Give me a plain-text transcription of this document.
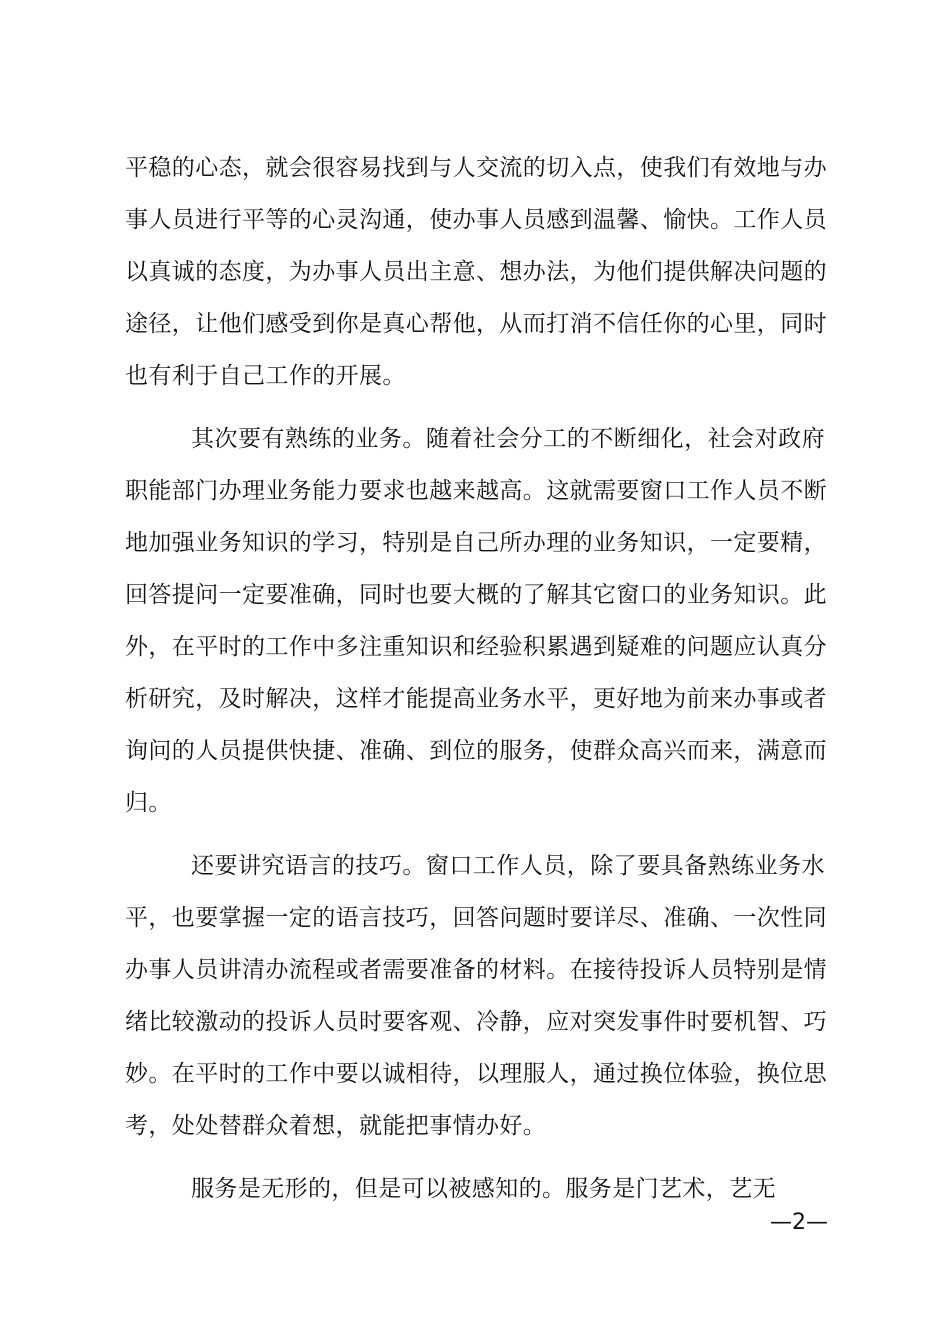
平稳的心态，就会很容易找到与人交流的切入点，使我们有效地与办
事人员进行平等的心灵沟通，使办事人员感到温馨、愉快。工作人员
以真诚的态度，为办事人员出主意、想办法，为他们提供解决问题的
途径，让他们感受到你是真心帮他，从而打消不信任你的心里，同时
也有利于自己工作的开展。
其次要有熟练的业务。随着社会分工的不断细化，社会对政府
职能部门办理业务能力要求也越来越高。这就需要窗口工作人员不断
地加强业务知识的学习，特别是自己所办理的业务知识，一定要精，
回答提问一定要准确，同时也要大概的了解其它窗口的业务知识。此
外，在平时的工作中多注重知识和经验积累遇到疑难的问题应认真分
析研究，及时解决，这样才能提高业务水平，更好地为前来办事或者
询问的人员提供快捷、准确、到位的服务，使群众高兴而来，满意而
归。
还要讲究语言的技巧。窗口工作人员，除了要具备熟练业务水
平，也要掌握一定的语言技巧，回答问题时要详尽、准确、一次性同
办事人员讲清办流程或者需要准备的材料。在接待投诉人员特别是情
绪比较激动的投诉人员时要客观、冷静，应对突发事件时要机智、巧
妙。在平时的工作中要以诚相待，以理服人，通过换位体验，换位思
考，处处替群众着想，就能把事情办好。
服务是无形的，但是可以被感知的。服务是门艺术，艺无
—2—
